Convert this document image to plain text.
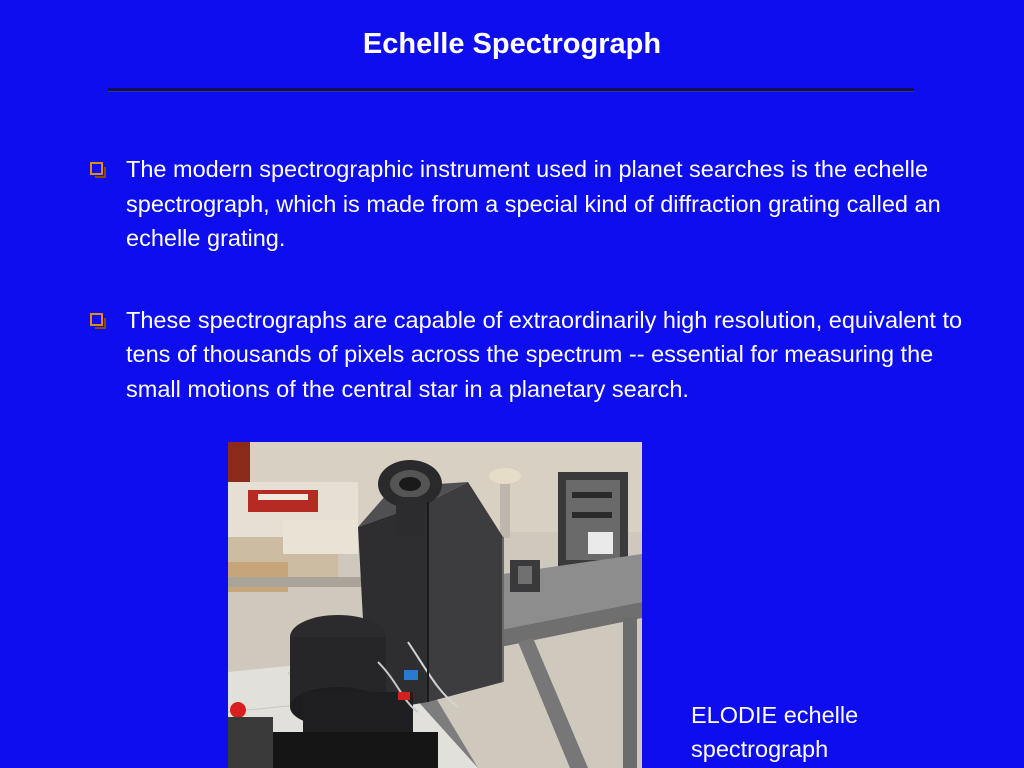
Echelle Spectrograph
The modern spectrographic instrument used in planet searches is the echelle spectrograph, which is made from a special kind of diffraction grating called an echelle grating.
These spectrographs are capable of extraordinarily high resolution, equivalent to tens of thousands of pixels across the spectrum -- essential for measuring the small motions of the central star in a planetary search.
ELODIE echelle
spectrograph
